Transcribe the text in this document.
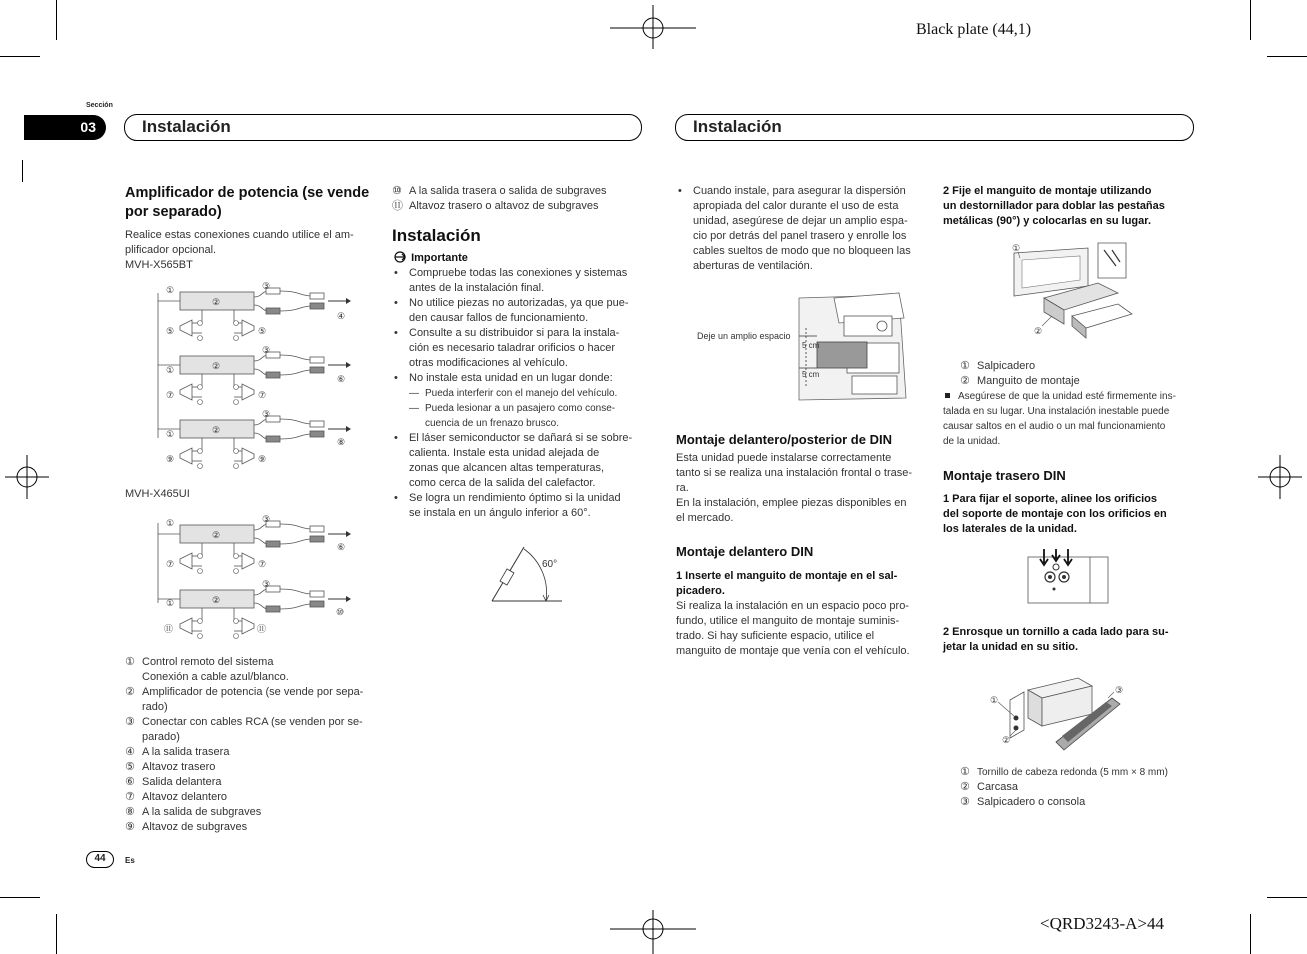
Black plate (44,1)
Sección
03	Instalación	Instalación
Amplificador de potencia (se vende por separado)

Realice estas conexiones cuando utilice el am-

plificador opcional.

MVH-X565BT

MVH-X465UI
①
②
③
④
⑤	⑤
③
②
①
⑥
⑦	⑦
③
②
①
⑧
⑨	⑨
①	③
②
⑥
⑦	⑦
③
②
①
⑩
⑪	⑪

① Control remoto del sistema

Conexión a cable azul/blanco.

② Amplificador de potencia (se vende por sepa-

rado)

③ Conectar con cables RCA (se venden por se-

parado)

④ A la salida trasera

⑤ Altavoz trasero

⑥ Salida delantera

⑦ Altavoz delantero

⑧ A la salida de subgraves

⑨ Altavoz de subgraves

⑩ A la salida trasera o salida de subgraves

⑪ Altavoz trasero o altavoz de subgraves

Instalación

Importante

• Compruebe todas las conexiones y sistemas
antes de la instalación final.
• No utilice piezas no autorizadas, ya que pue-
den causar fallos de funcionamiento.
• Consulte a su distribuidor si para la instala-
ción es necesario taladrar orificios o hacer
otras modificaciones al vehículo.
• No instale esta unidad en un lugar donde:
— Pueda interferir con el manejo del vehículo.
— Pueda lesionar a un pasajero como conse-
cuencia de un frenazo brusco.
• El láser semiconductor se dañará si se sobre-
calienta. Instale esta unidad alejada de
zonas que alcancen altas temperaturas,
como cerca de la salida del calefactor.
• Se logra un rendimiento óptimo si la unidad
se instala en un ángulo inferior a 60°.
60°
• Cuando instale, para asegurar la dispersión
apropiada del calor durante el uso de esta
unidad, asegúrese de dejar un amplio espa-
cio por detrás del panel trasero y enrolle los
cables sueltos de modo que no bloqueen las
aberturas de ventilación.
Deje un amplio espacio
5 cm
5 cm
Montaje delantero/posterior de DIN

Esta unidad puede instalarse correctamente

tanto si se realiza una instalación frontal o trase-

ra.

En la instalación, emplee piezas disponibles en

el mercado.

Montaje delantero DIN

1 Inserte el manguito de montaje en el sal-

picadero.

Si realiza la instalación en un espacio poco pro-

fundo, utilice el manguito de montaje suminis-

trado. Si hay suficiente espacio, utilice el

manguito de montaje que venía con el vehículo.

2 Fije el manguito de montaje utilizando

un destornillador para doblar las pestañas

metálicas (90°) y colocarlas en su lugar.

①
②

① Salpicadero

② Manguito de montaje

Asegúrese de que la unidad esté firmemente ins-

talada en su lugar. Una instalación inestable puede

causar saltos en el audio o un mal funcionamiento

de la unidad.

Montaje trasero DIN

1 Para fijar el soporte, alinee los orificios

del soporte de montaje con los orificios en

los laterales de la unidad.

2 Enrosque un tornillo a cada lado para su-

jetar la unidad en su sitio.

①
②
③

① Tornillo de cabeza redonda (5 mm × 8 mm)

② Carcasa

③ Salpicadero o consola

44	Es
<QRD3243-A>44
